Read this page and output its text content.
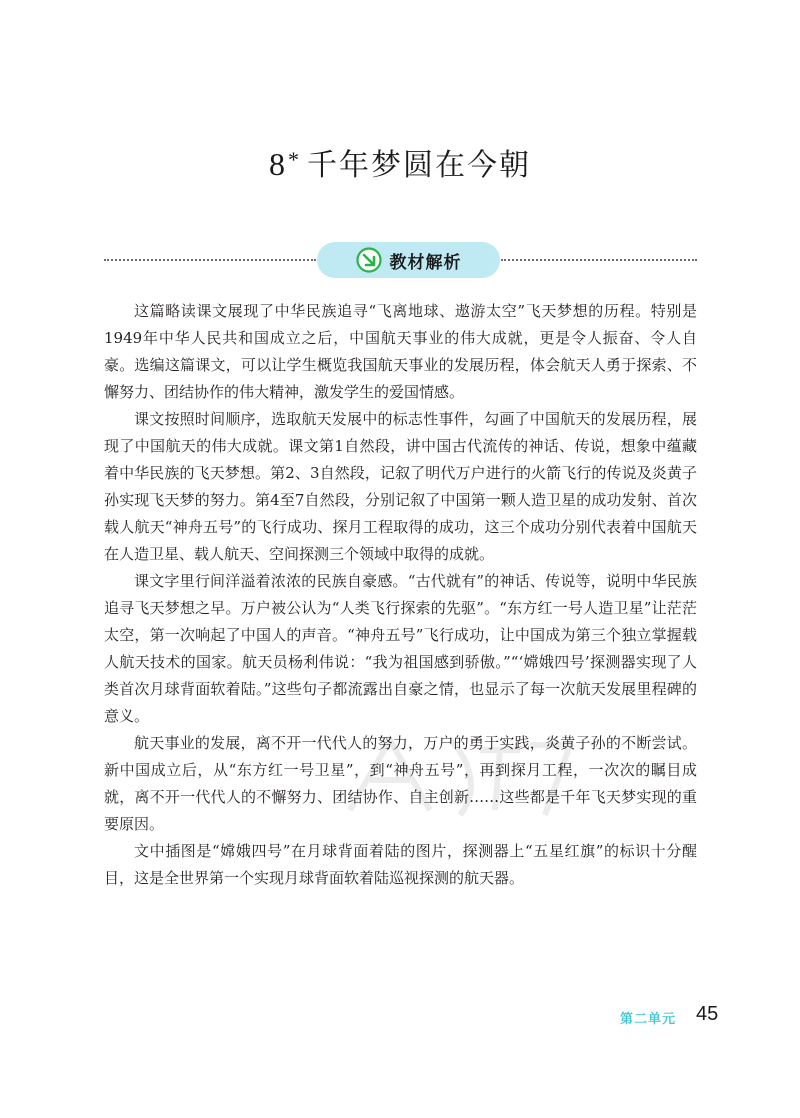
8* 千年梦圆在今朝
教材解析

这篇略读课文展现了中华民族追寻“飞离地球、遨游太空”飞天梦想的历程。特别是1949年中华人民共和国成立之后，中国航天事业的伟大成就，更是令人振奋、令人自豪。选编这篇课文，可以让学生概览我国航天事业的发展历程，体会航天人勇于探索、不懈努力、团结协作的伟大精神，激发学生的爱国情感。

课文按照时间顺序，选取航天发展中的标志性事件，勾画了中国航天的发展历程，展现了中国航天的伟大成就。课文第1自然段，讲中国古代流传的神话、传说，想象中蕴藏着中华民族的飞天梦想。第2、3自然段，记叙了明代万户进行的火箭飞行的传说及炎黄子孙实现飞天梦的努力。第4至7自然段，分别记叙了中国第一颗人造卫星的成功发射、首次载人航天“神舟五号”的飞行成功、探月工程取得的成功，这三个成功分别代表着中国航天在人造卫星、载人航天、空间探测三个领域中取得的成就。

课文字里行间洋溢着浓浓的民族自豪感。“古代就有”的神话、传说等，说明中华民族追寻飞天梦想之早。万户被公认为“人类飞行探索的先驱”。“东方红一号人造卫星”让茫茫太空，第一次响起了中国人的声音。“神舟五号”飞行成功，让中国成为第三个独立掌握载人航天技术的国家。航天员杨利伟说：“我为祖国感到骄傲。”“‘嫦娥四号’探测器实现了人类首次月球背面软着陆。”这些句子都流露出自豪之情，也显示了每一次航天发展里程碑的意义。

航天事业的发展，离不开一代代人的努力，万户的勇于实践，炎黄子孙的不断尝试。新中国成立后，从“东方红一号卫星”，到“神舟五号”，再到探月工程，一次次的瞩目成就，离不开一代代人的不懈努力、团结协作、自主创新……这些都是千年飞天梦实现的重要原因。

文中插图是“嫦娥四号”在月球背面着陆的图片，探测器上“五星红旗”的标识十分醒目，这是全世界第一个实现月球背面软着陆巡视探测的航天器。

第二单元 45
